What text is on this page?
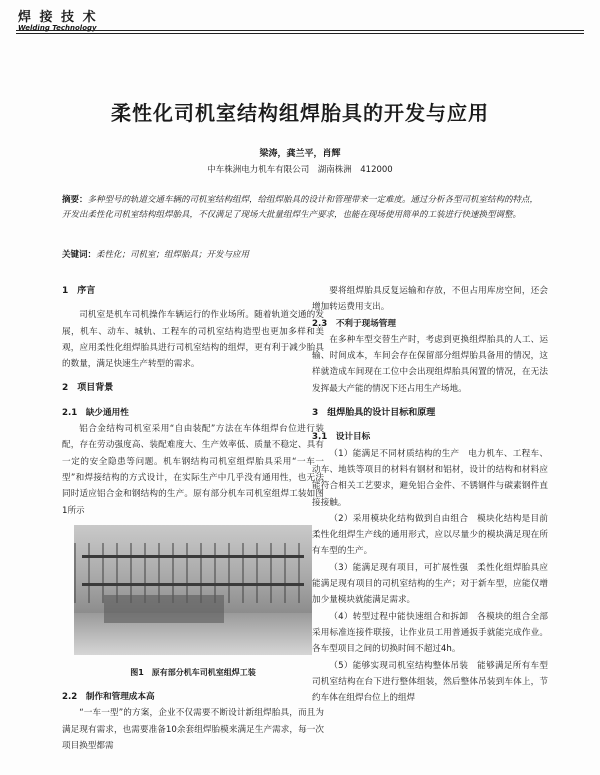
焊 接 技 术
Welding Technology
柔性化司机室结构组焊胎具的开发与应用
梁涛，龚兰平，肖辉
中车株洲电力机车有限公司　湖南株洲　412000
摘要：多种型号的轨道交通车辆的司机室结构组焊，给组焊胎具的设计和管理带来一定难度。通过分析各型司机室结构的特点，开发出柔性化司机室结构组焊胎具，不仅满足了现场大批量组焊生产要求，也能在现场使用简单的工装进行快速换型调整。
关键词：柔性化；司机室；组焊胎具；开发与应用
1　序言

司机室是机车司机操作车辆运行的作业场所。随着轨道交通的发展，机车、动车、城轨、工程车的司机室结构造型也更加多样和美观，应用柔性化组焊胎具进行司机室结构的组焊，更有利于减少胎具的数量，满足快速生产转型的需求。

2　项目背景
2.1　缺少通用性

铝合金结构司机室采用“自由装配”方法在车体组焊台位进行装配，存在劳动强度高、装配难度大、生产效率低、质量不稳定、具有一定的安全隐患等问题。机车钢结构司机室组焊胎具采用“一车一型”和焊接结构的方式设计，在实际生产中几乎没有通用性，也无法同时适应铝合金和钢结构的生产。原有部分机车司机室组焊工装如图1所示

图1　原有部分机车司机室组焊工装
2.2　制作和管理成本高

“一车一型”的方案，企业不仅需要不断设计新组焊胎具，而且为满足现有需求，也需要准备10余套组焊胎模来满足生产需求，每一次项目换型都需

要将组焊胎具反复运输和存放，不但占用库房空间，还会增加转运费用支出。

2.3　不利于现场管理

在多种车型交替生产时，考虑到更换组焊胎具的人工、运输、时间成本，车间会存在保留部分组焊胎具备用的情况，这样就造成车间现在工位中会出现组焊胎具闲置的情况，在无法发挥最大产能的情况下还占用生产场地。

3　组焊胎具的设计目标和原理
3.1　设计目标

（1）能满足不同材质结构的生产　电力机车、工程车、动车、地铁等项目的材料有钢材和铝材，设计的结构和材料应能符合相关工艺要求，避免铝合金件、不锈钢件与碳素钢件直接接触。

（2）采用模块化结构做到自由组合　模块化结构是目前柔性化组焊生产线的通用形式，应以尽量少的模块满足现在所有车型的生产。

（3）能满足现有项目，可扩展性强　柔性化组焊胎具应能满足现有项目的司机室结构的生产；对于新车型，应能仅增加少量模块就能满足需求。

（4）转型过程中能快速组合和拆卸　各模块的组合全部采用标准连接件联接，让作业员工用普通扳手就能完成作业。各车型项目之间的切换时间不超过4h。

（5）能够实现司机室结构整体吊装　能够满足所有车型司机室结构在台下进行整体组装，然后整体吊装到车体上，节约车体在组焊台位上的组焊
